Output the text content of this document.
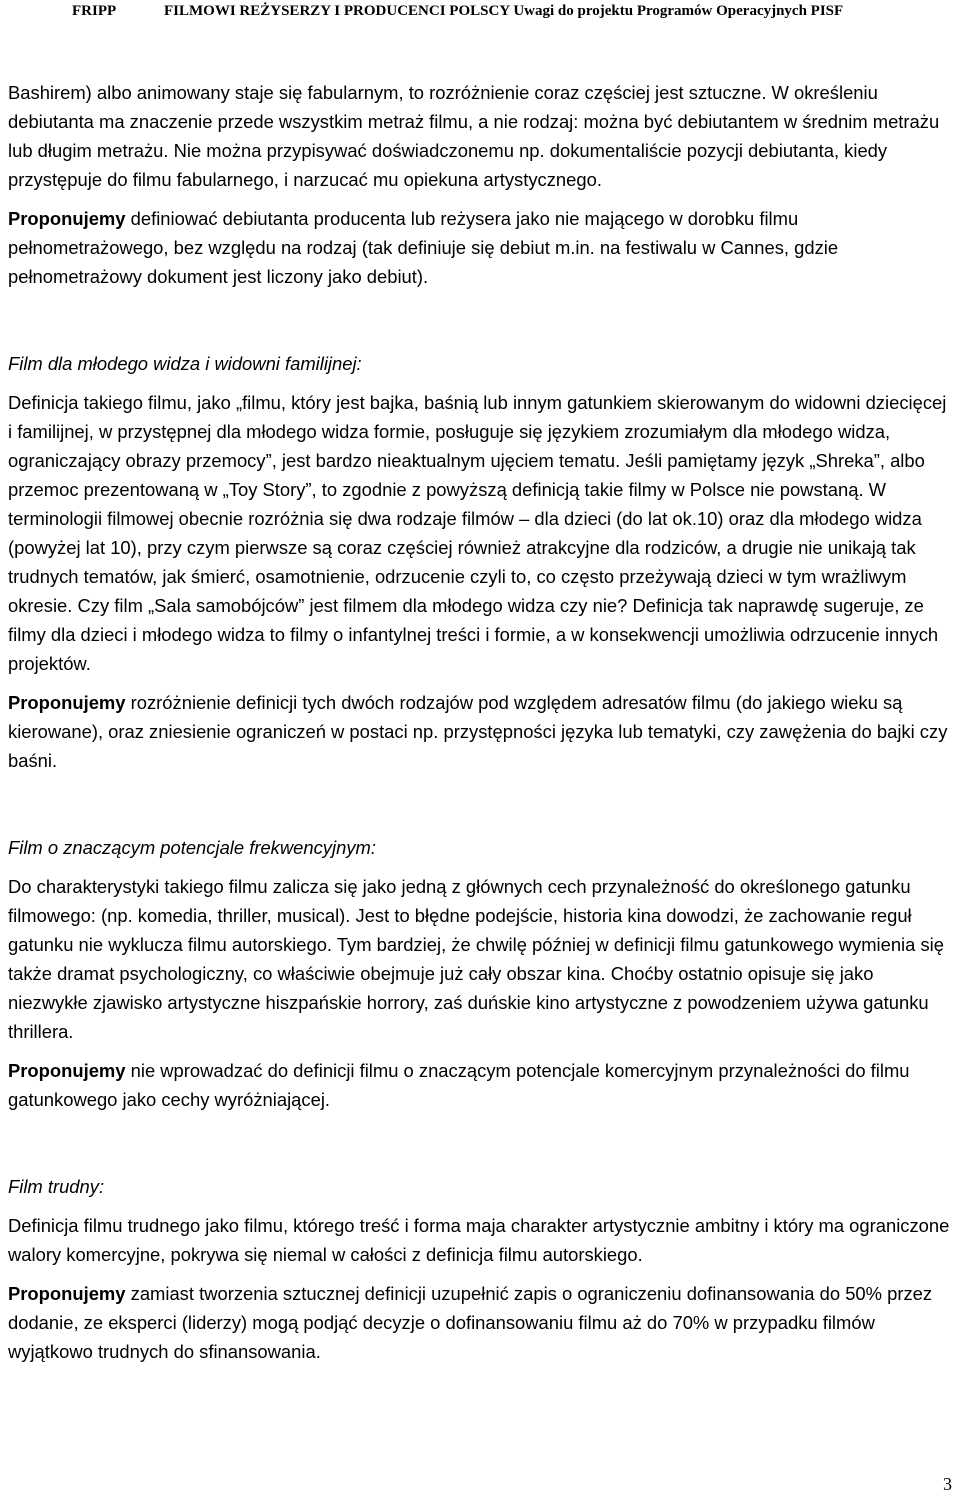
FRIPP	FILMOWI REŻYSERZY I PRODUCENCI POLSCY Uwagi do projektu Programów Operacyjnych PISF

Bashirem) albo animowany staje się fabularnym, to rozróżnienie coraz częściej jest sztuczne. W określeniu debiutanta ma znaczenie przede wszystkim metraż filmu, a nie rodzaj: można być debiutantem w średnim metrażu lub długim metrażu. Nie można przypisywać doświadczonemu np. dokumentaliście pozycji debiutanta, kiedy przystępuje do filmu fabularnego, i narzucać mu opiekuna artystycznego.

Proponujemy definiować debiutanta producenta lub reżysera jako nie mającego w dorobku filmu pełnometrażowego, bez względu na rodzaj (tak definiuje się debiut m.in. na festiwalu w Cannes, gdzie pełnometrażowy dokument jest liczony jako debiut).

Film dla młodego widza i widowni familijnej:

Definicja takiego filmu, jako „filmu, który jest bajka, baśnią lub innym gatunkiem skierowanym do widowni dziecięcej i familijnej, w przystępnej dla młodego widza formie, posługuje się językiem zrozumiałym dla młodego widza, ograniczający obrazy przemocy”, jest bardzo nieaktualnym ujęciem tematu. Jeśli pamiętamy język „Shreka”, albo przemoc prezentowaną w „Toy Story”, to zgodnie z powyższą definicją takie filmy w Polsce nie powstaną. W terminologii filmowej obecnie rozróżnia się dwa rodzaje filmów – dla dzieci (do lat ok.10) oraz dla młodego widza (powyżej lat 10), przy czym pierwsze są coraz częściej również atrakcyjne dla rodziców, a drugie nie unikają tak trudnych tematów, jak śmierć, osamotnienie, odrzucenie czyli to, co często przeżywają dzieci w tym wrażliwym okresie. Czy film „Sala samobójców” jest filmem dla młodego widza czy nie? Definicja tak naprawdę sugeruje, ze filmy dla dzieci i młodego widza to filmy o infantylnej treści i formie, a w konsekwencji umożliwia odrzucenie innych projektów.

Proponujemy rozróżnienie definicji tych dwóch rodzajów pod względem adresatów filmu (do jakiego wieku są kierowane), oraz zniesienie ograniczeń w postaci np. przystępności języka lub tematyki, czy zawężenia do bajki czy baśni.

Film o znaczącym potencjale frekwencyjnym:

Do charakterystyki takiego filmu zalicza się jako jedną z głównych cech przynależność do określonego gatunku filmowego: (np. komedia, thriller, musical). Jest to błędne podejście, historia kina dowodzi, że zachowanie reguł gatunku nie wyklucza filmu autorskiego. Tym bardziej, że chwilę później w definicji filmu gatunkowego wymienia się także dramat psychologiczny, co właściwie obejmuje już cały obszar kina. Choćby ostatnio opisuje się jako niezwykłe zjawisko artystyczne hiszpańskie horrory, zaś duńskie kino artystyczne z powodzeniem używa gatunku thrillera.

Proponujemy nie wprowadzać do definicji filmu o znaczącym potencjale komercyjnym przynależności do filmu gatunkowego jako cechy wyróżniającej.

Film trudny:

Definicja filmu trudnego jako filmu, którego treść i forma maja charakter artystycznie ambitny i który ma ograniczone walory komercyjne, pokrywa się niemal w całości z definicja filmu autorskiego.

Proponujemy zamiast tworzenia sztucznej definicji uzupełnić zapis o ograniczeniu dofinansowania do 50% przez dodanie, ze eksperci (liderzy) mogą podjąć decyzje o dofinansowaniu filmu aż do 70% w przypadku filmów wyjątkowo trudnych do sfinansowania.

3
